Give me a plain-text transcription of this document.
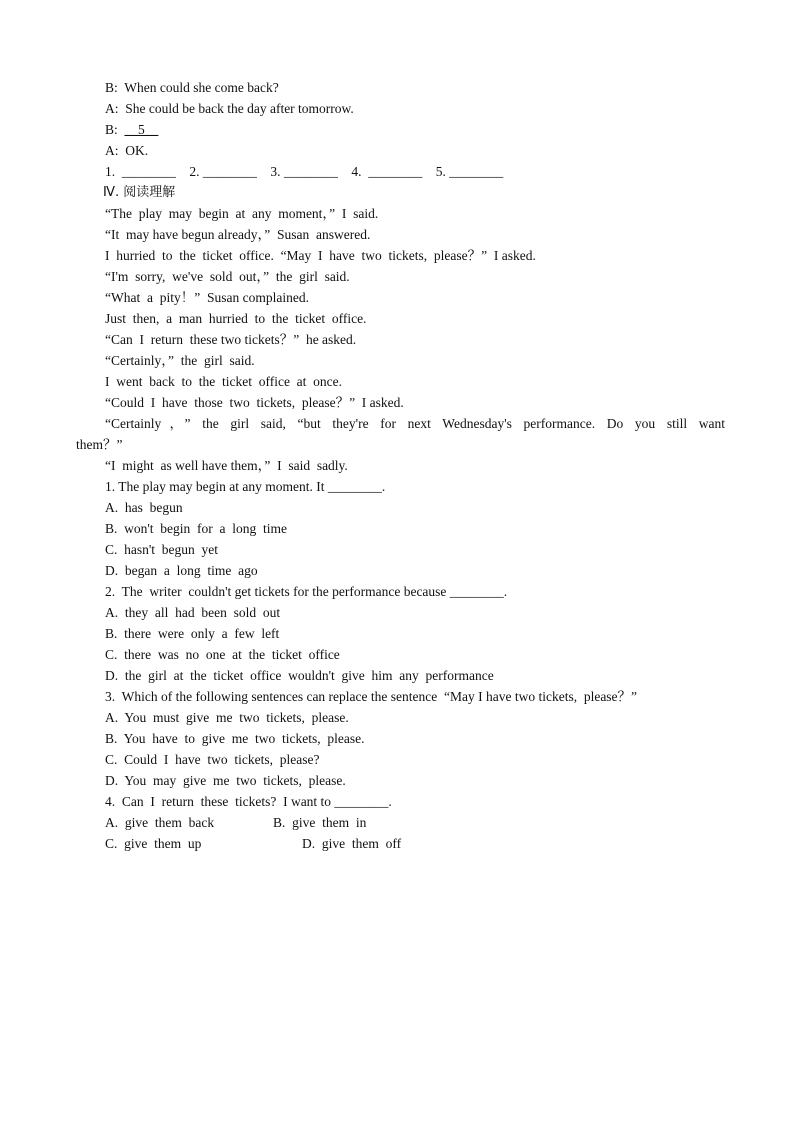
B:  When could she come back?
A:  She could be back the day after tomorrow.
B:  __5__
A:  OK.
1.  ________    2. ________    3. ________    4.  ________    5. ________
Ⅳ. 阅读理解
“The  play  may  begin  at  any  moment，”  I  said.
“It  may have begun already，”  Susan  answered.
I  hurried  to  the  ticket  office.  “May  I  have  two  tickets,  please？”  I asked.
“I'm  sorry,  we've  sold  out，”  the  girl  said.
“What  a  pity！”  Susan complained.
Just  then,  a  man  hurried  to  the  ticket  office.
“Can  I  return  these two tickets？”  he asked.
“Certainly，”  the  girl  said.
I  went  back  to  the  ticket  office  at  once.
“Could  I  have  those  two  tickets,  please？”  I asked.
“Certainly，” the girl said, “but they're for next Wednesday's performance. Do you still want
them？”
“I  might  as well have them，”  I  said  sadly.
1. The play may begin at any moment. It ________.
A.  has  begun
B.  won't  begin  for  a  long  time
C.  hasn't  begun  yet
D.  began  a  long  time  ago
2.  The  writer  couldn't get tickets for the performance because ________.
A.  they  all  had  been  sold  out
B.  there  were  only  a  few  left
C.  there  was  no  one  at  the  ticket  office
D.  the  girl  at  the  ticket  office  wouldn't  give  him  any  performance
3.  Which of the following sentences can replace the sentence  “May I have two tickets,  please？”
A.  You  must  give  me  two  tickets,  please.
B.  You  have  to  give  me  two  tickets,  please.
C.  Could  I  have  two  tickets,  please?
D.  You  may  give  me  two  tickets,  please.
4.  Can  I  return  these  tickets?  I want to ________.
A.  give  them  back	B.  give  them  in
C.  give  them  up	D.  give  them  off
